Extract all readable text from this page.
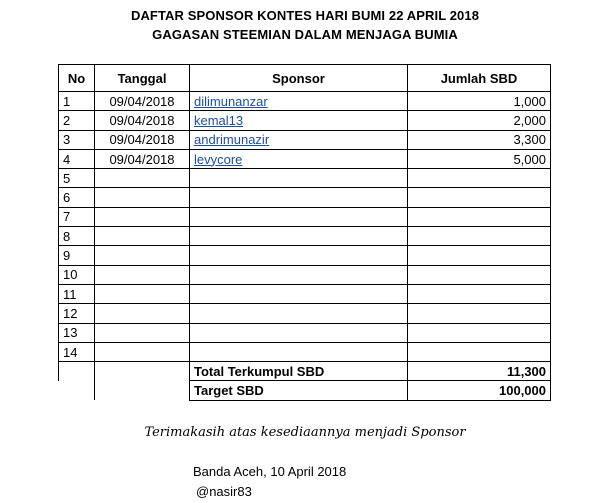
DAFTAR SPONSOR KONTES HARI BUMI 22 APRIL 2018
GAGASAN STEEMIAN DALAM MENJAGA BUMIA
No	Tanggal	Sponsor	Jumlah SBD
1	09/04/2018	dilimunanzar	1,000
2	09/04/2018	kemal13	2,000
3	09/04/2018	andrimunazir	3,300
4	09/04/2018	levycore	5,000
5			
6			
7			
8			
9			
10			
11			
12			
13			
14			
		Total Terkumpul SBD	11,300
		Target SBD	100,000
Terimakasih atas kesediaannya menjadi Sponsor
Banda Aceh, 10 April 2018
@nasir83
